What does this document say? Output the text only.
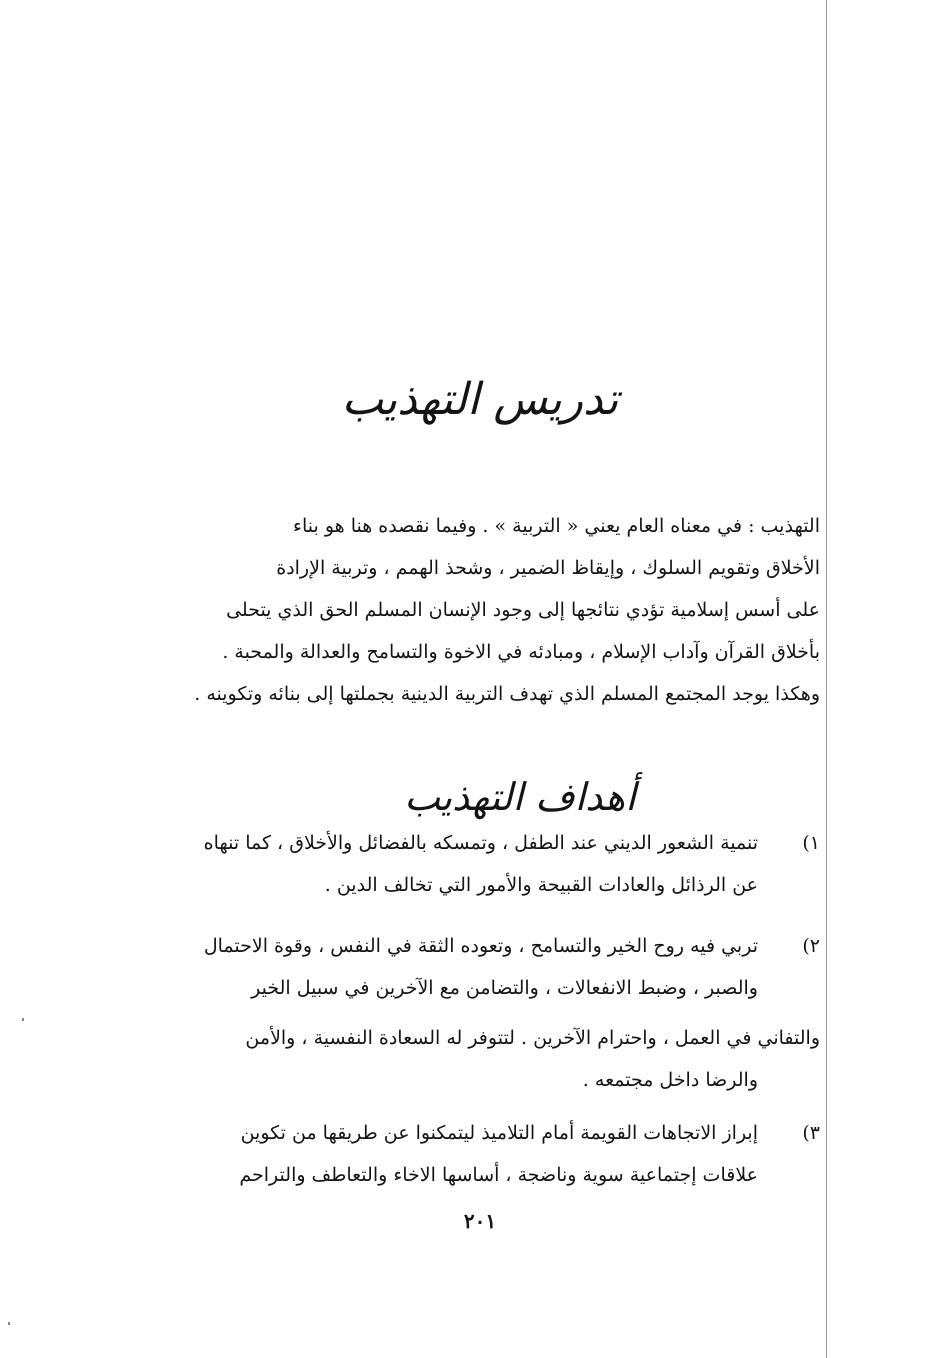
تدريس التهذيب
التهذيب : في معناه العام يعني « التربية » . وفيما نقصده هنا هو بناء
الأخلاق وتقويم السلوك ، وإيقاظ الضمير ، وشحذ الهمم ، وتربية الإرادة
على أسس إسلامية تؤدي نتائجها إلى وجود الإنسان المسلم الحق الذي يتحلى
بأخلاق القرآن وآداب الإسلام ، ومبادئه في الاخوة والتسامح والعدالة والمحبة .
وهكذا يوجد المجتمع المسلم الذي تهدف التربية الدينية بجملتها إلى بنائه وتكوينه .
أهداف التهذيب
١)
تنمية الشعور الديني عند الطفل ، وتمسكه بالفضائل والأخلاق ، كما تنهاه
عن الرذائل والعادات القبيحة والأمور التي تخالف الدين .
٢)
تربي فيه روح الخير والتسامح ، وتعوده الثقة في النفس ، وقوة الاحتمال
والصبر ، وضبط الانفعالات ، والتضامن مع الآخرين في سبيل الخير
والتفاني في العمل ، واحترام الآخرين . لتتوفر له السعادة النفسية ، والأمن
والرضا داخل مجتمعه .
٣)
إبراز الاتجاهات القويمة أمام التلاميذ ليتمكنوا عن طريقها من تكوين
علاقات إجتماعية سوية وناضجة ، أساسها الاخاء والتعاطف والتراحم
٢٠١
